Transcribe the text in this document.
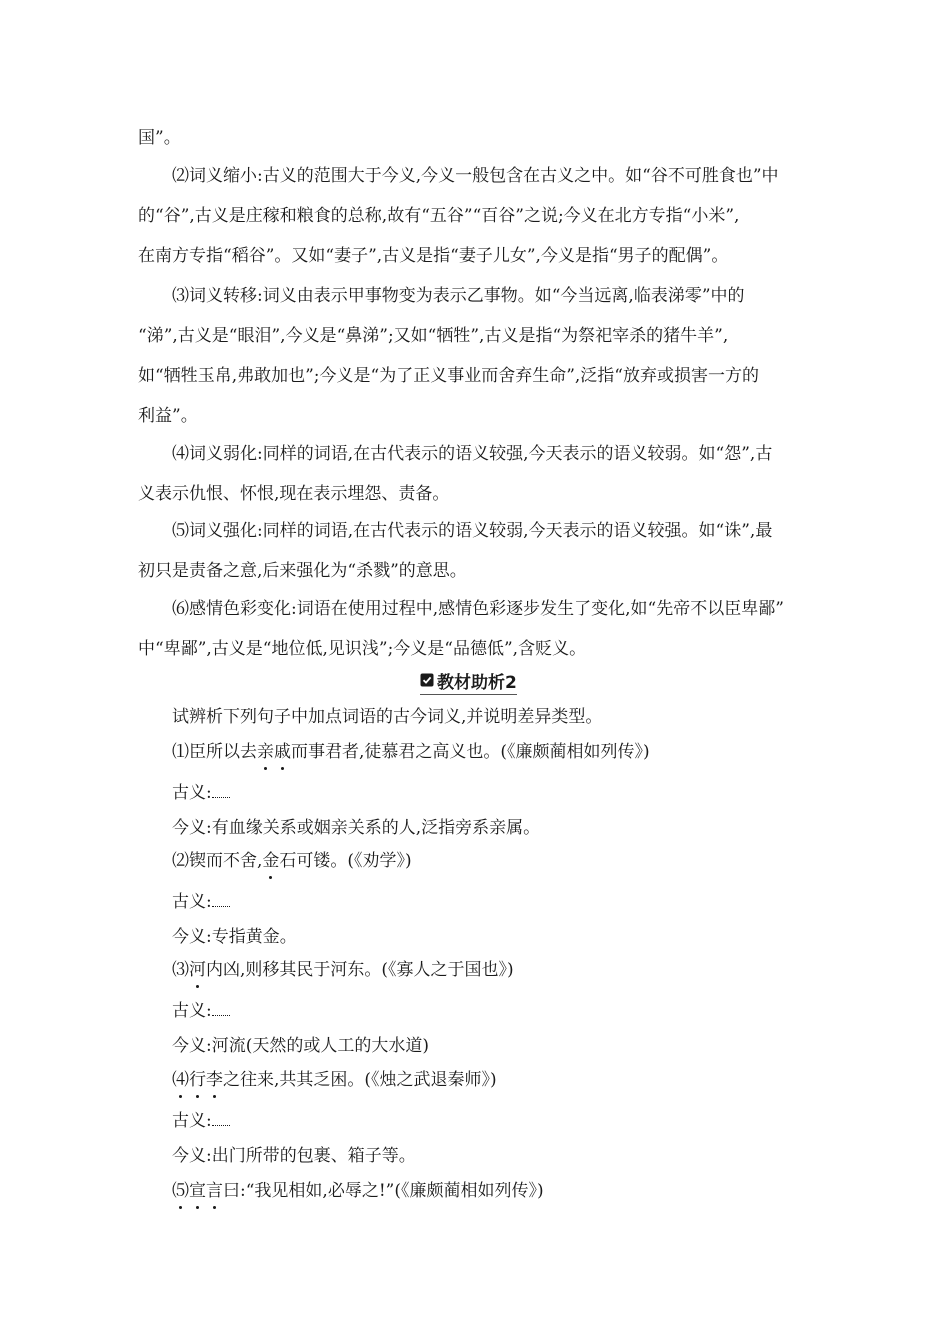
国”。
⑵词义缩小:古义的范围大于今义,今义一般包含在古义之中。如“谷不可胜食也”中
的“谷”,古义是庄稼和粮食的总称,故有“五谷”“百谷”之说;今义在北方专指“小米”,
在南方专指“稻谷”。又如“妻子”,古义是指“妻子儿女”,今义是指“男子的配偶”。
⑶词义转移:词义由表示甲事物变为表示乙事物。如“今当远离,临表涕零”中的
“涕”,古义是“眼泪”,今义是“鼻涕”;又如“牺牲”,古义是指“为祭祀宰杀的猪牛羊”,
如“牺牲玉帛,弗敢加也”;今义是“为了正义事业而舍弃生命”,泛指“放弃或损害一方的
利益”。
⑷词义弱化:同样的词语,在古代表示的语义较强,今天表示的语义较弱。如“怨”,古
义表示仇恨、怀恨,现在表示埋怨、责备。
⑸词义强化:同样的词语,在古代表示的语义较弱,今天表示的语义较强。如“诛”,最
初只是责备之意,后来强化为“杀戮”的意思。
⑹感情色彩变化:词语在使用过程中,感情色彩逐步发生了变化,如“先帝不以臣卑鄙”
中“卑鄙”,古义是“地位低,见识浅”;今义是“品德低”,含贬义。
教材助析2
试辨析下列句子中加点词语的古今词义,并说明差异类型。
⑴臣所以去亲戚而事君者,徒慕君之高义也。(《廉颇蔺相如列传》)
古义:
今义:有血缘关系或姻亲关系的人,泛指旁系亲属。
⑵锲而不舍,金石可镂。(《劝学》)
古义:
今义:专指黄金。
⑶河内凶,则移其民于河东。(《寡人之于国也》)
古义:
今义:河流(天然的或人工的大水道)
⑷行李之往来,共其乏困。(《烛之武退秦师》)
古义:
今义:出门所带的包裹、箱子等。
⑸宣言曰:“我见相如,必辱之!”(《廉颇蔺相如列传》)
